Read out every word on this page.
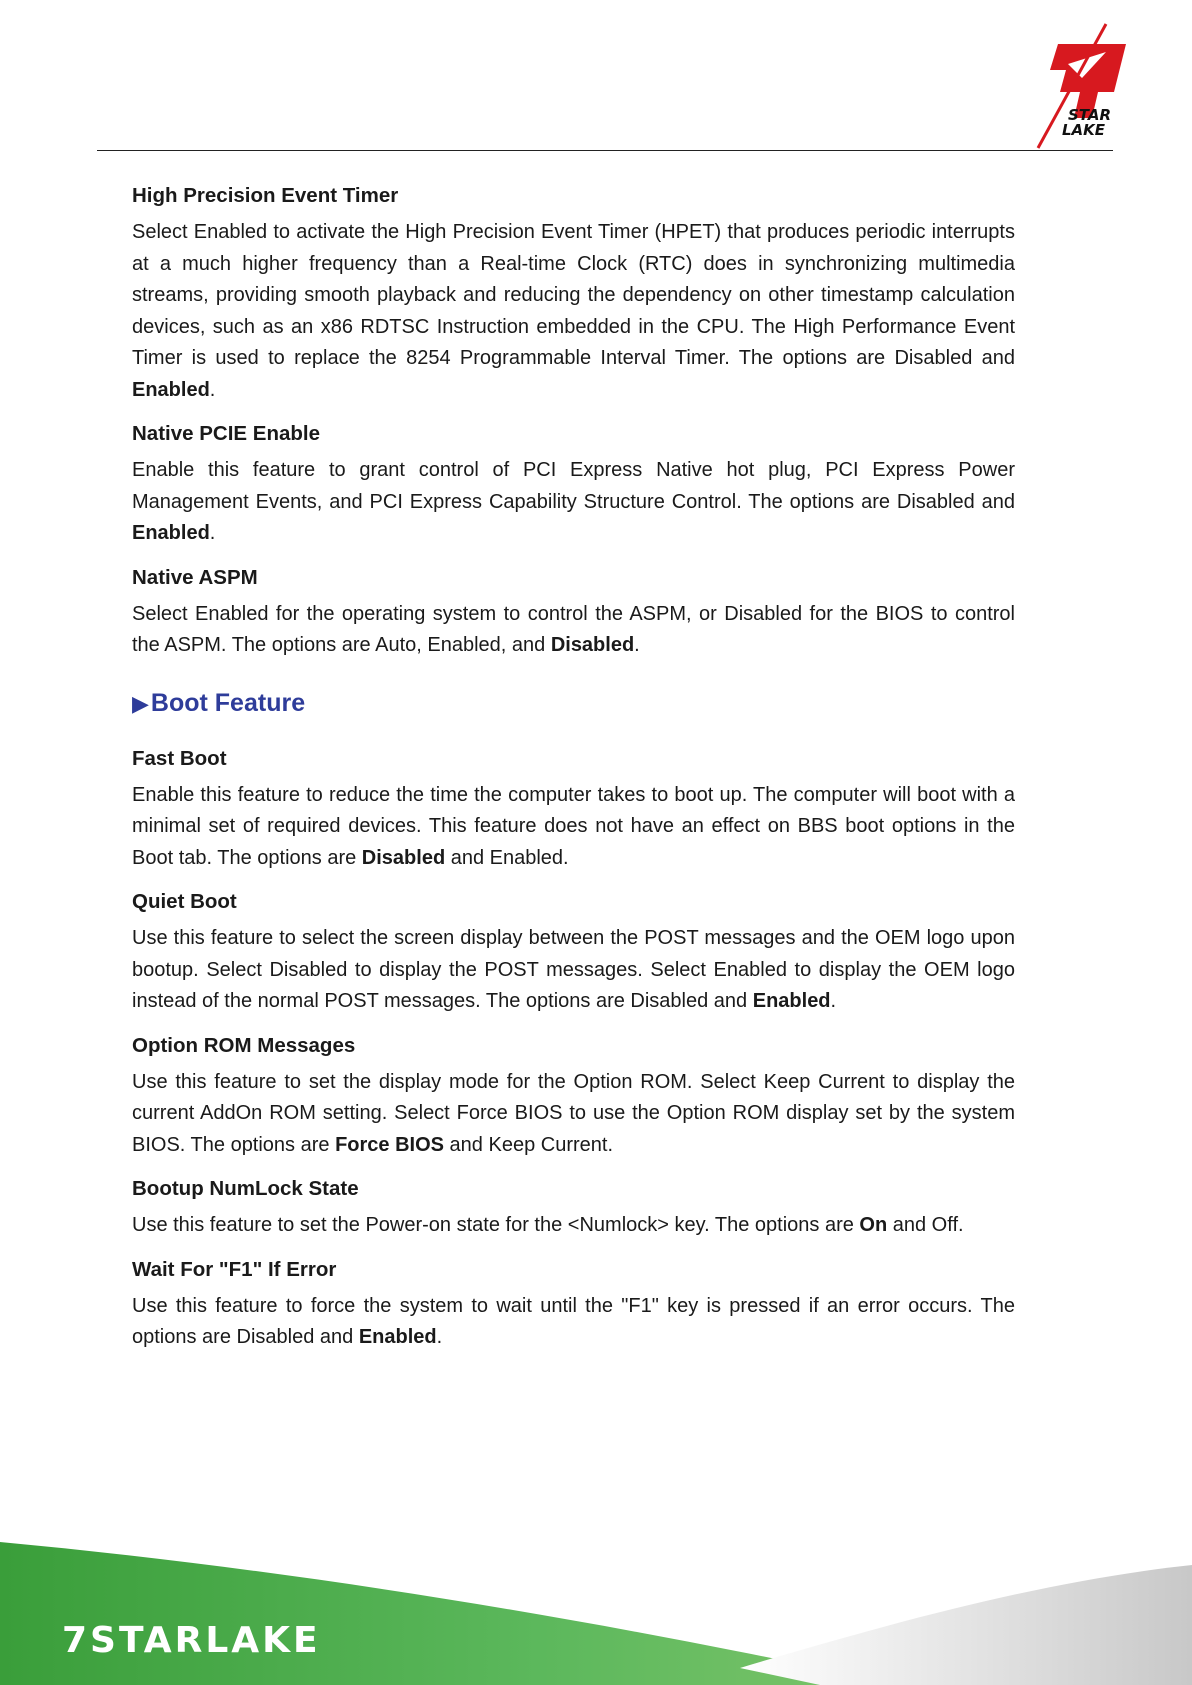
STAR
LAKE
High Precision Event Timer

Select Enabled to activate the High Precision Event Timer (HPET) that produces periodic interrupts at a much higher frequency than a Real-time Clock (RTC) does in synchronizing multimedia streams, providing smooth playback and reducing the dependency on other timestamp calculation devices, such as an x86 RDTSC Instruction embedded in the CPU. The High Performance Event Timer is used to replace the 8254 Programmable Interval Timer. The options are Disabled and Enabled.

Native PCIE Enable

Enable this feature to grant control of PCI Express Native hot plug, PCI Express Power Management Events, and PCI Express Capability Structure Control. The options are Disabled and Enabled.

Native ASPM

Select Enabled for the operating system to control the ASPM, or Disabled for the BIOS to control the ASPM. The options are Auto, Enabled, and Disabled.

▶Boot Feature
Fast Boot

Enable this feature to reduce the time the computer takes to boot up. The computer will boot with a minimal set of required devices. This feature does not have an effect on BBS boot options in the Boot tab. The options are Disabled and Enabled.

Quiet Boot

Use this feature to select the screen display between the POST messages and the OEM logo upon bootup. Select Disabled to display the POST messages. Select Enabled to display the OEM logo instead of the normal POST messages. The options are Disabled and Enabled.

Option ROM Messages

Use this feature to set the display mode for the Option ROM. Select Keep Current to display the current AddOn ROM setting. Select Force BIOS to use the Option ROM display set by the system BIOS. The options are Force BIOS and Keep Current.

Bootup NumLock State

Use this feature to set the Power-on state for the <Numlock> key. The options are On and Off.

Wait For "F1" If Error

Use this feature to force the system to wait until the "F1" key is pressed if an error occurs. The options are Disabled and Enabled.

7STARLAKE
